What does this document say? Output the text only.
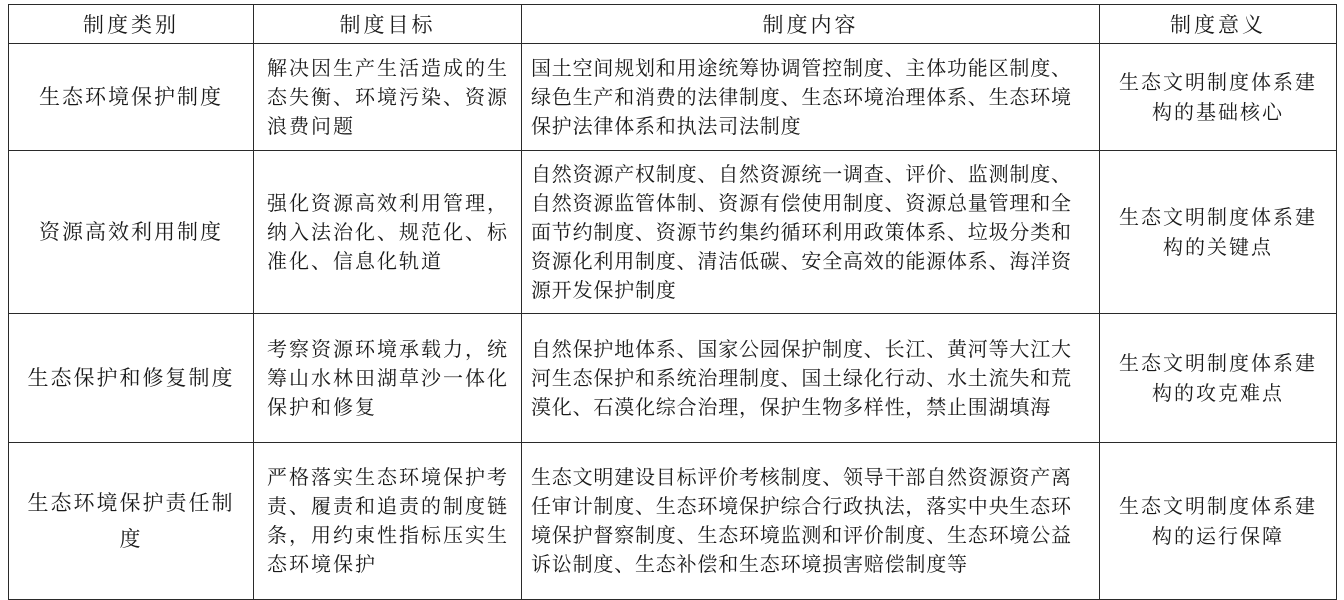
制度类别	制度目标	制度内容	制度意义
生态环境保护制度	解决因生产生活造成的生态失衡、环境污染、资源浪费问题	国土空间规划和用途统筹协调管控制度、主体功能区制度、绿色生产和消费的法律制度、生态环境治理体系、生态环境保护法律体系和执法司法制度	生态文明制度体系建构的基础核心
资源高效利用制度	强化资源高效利用管理，纳入法治化、规范化、标准化、信息化轨道	自然资源产权制度、自然资源统一调查、评价、监测制度、自然资源监管体制、资源有偿使用制度、资源总量管理和全面节约制度、资源节约集约循环利用政策体系、垃圾分类和资源化利用制度、清洁低碳、安全高效的能源体系、海洋资源开发保护制度	生态文明制度体系建构的关键点
生态保护和修复制度	考察资源环境承载力，统筹山水林田湖草沙一体化保护和修复	自然保护地体系、国家公园保护制度、长江、黄河等大江大河生态保护和系统治理制度、国土绿化行动、水土流失和荒漠化、石漠化综合治理，保护生物多样性，禁止围湖填海	生态文明制度体系建构的攻克难点
生态环境保护责任制度	严格落实生态环境保护考责、履责和追责的制度链条，用约束性指标压实生态环境保护	生态文明建设目标评价考核制度、领导干部自然资源资产离任审计制度、生态环境保护综合行政执法，落实中央生态环境保护督察制度、生态环境监测和评价制度、生态环境公益诉讼制度、生态补偿和生态环境损害赔偿制度等	生态文明制度体系建构的运行保障
